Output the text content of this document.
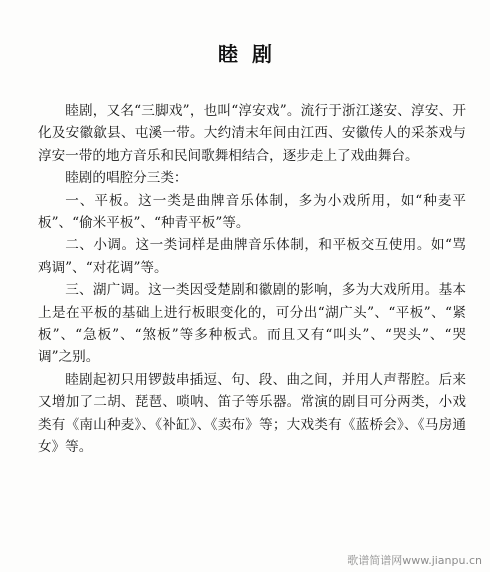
睦剧

睦剧，又名“三脚戏”，也叫“淳安戏”。流行于浙江遂安、淳安、开化及安徽歙县、屯溪一带。大约清末年间由江西、安徽传人的采茶戏与淳安一带的地方音乐和民间歌舞相结合，逐步走上了戏曲舞台。

睦剧的唱腔分三类：

一、平板。这一类是曲牌音乐体制，多为小戏所用，如“种麦平板”、“偷米平板”、“种青平板”等。

二、小调。这一类词样是曲牌音乐体制，和平板交互使用。如“骂鸡调”、“对花调”等。

三、湖广调。这一类因受楚剧和徽剧的影响，多为大戏所用。基本上是在平板的基础上进行板眼变化的，可分出“湖广头”、“平板”、“紧板”、“急板”、“煞板”等多种板式。而且又有“叫头”、“哭头”、“哭调”之别。

睦剧起初只用锣鼓串插逗、句、段、曲之间，并用人声帮腔。后来又增加了二胡、琵琶、唢呐、笛子等乐器。常演的剧目可分两类，小戏类有《南山种麦》、《补缸》、《卖布》等；大戏类有《蓝桥会》、《马房通女》等。

歌谱简谱网www.jianpu.cn
